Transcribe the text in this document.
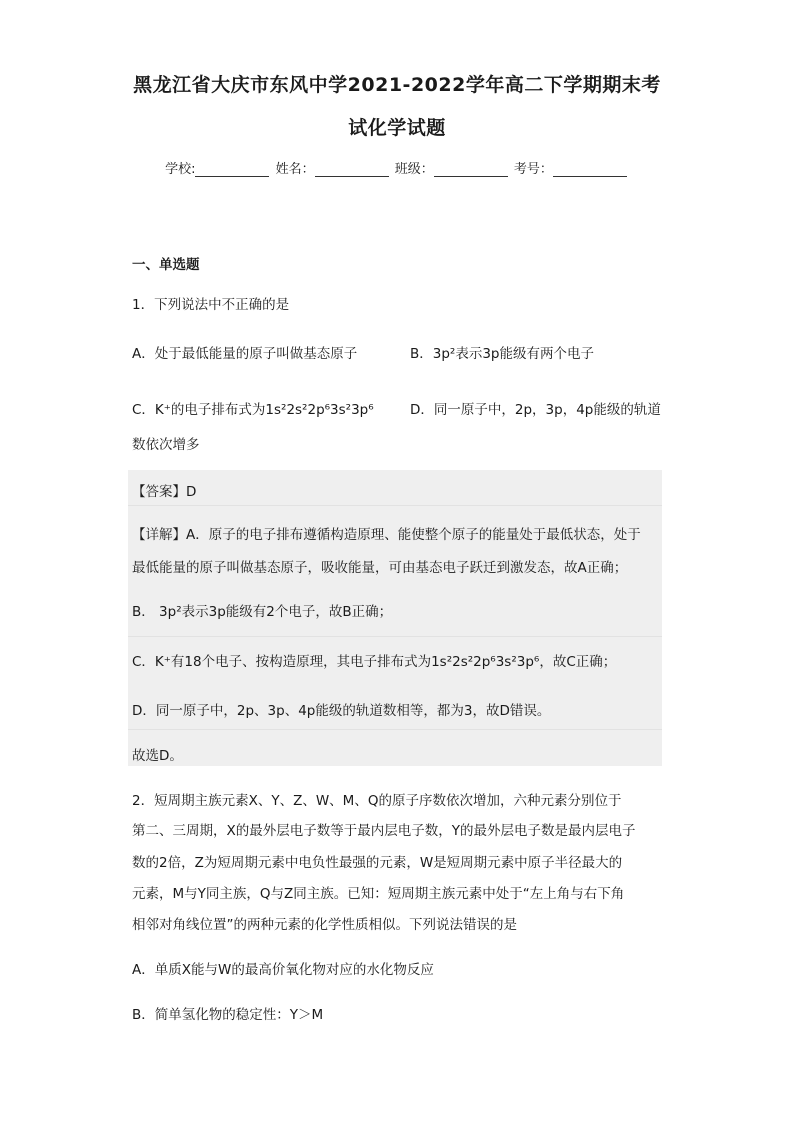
黑龙江省大庆市东风中学2021-2022学年高二下学期期末考
试化学试题
学校:	姓名：	班级：	考号：
一、单选题
1．下列说法中不正确的是
A．处于最低能量的原子叫做基态原子	B．3p²表示3p能级有两个电子
C．K⁺的电子排布式为1s²2s²2p⁶3s²3p⁶	D．同一原子中，2p，3p，4p能级的轨道
数依次增多
【答案】D
【详解】A．原子的电子排布遵循构造原理、能使整个原子的能量处于最低状态，处于
最低能量的原子叫做基态原子，吸收能量，可由基态电子跃迁到激发态，故A正确；
B． 3p²表示3p能级有2个电子，故B正确；
C．K⁺有18个电子、按构造原理，其电子排布式为1s²2s²2p⁶3s²3p⁶，故C正确；
D．同一原子中，2p、3p、4p能级的轨道数相等，都为3，故D错误。
故选D。
2．短周期主族元素X、Y、Z、W、M、Q的原子序数依次增加，六种元素分别位于
第二、三周期，X的最外层电子数等于最内层电子数，Y的最外层电子数是最内层电子
数的2倍，Z为短周期元素中电负性最强的元素，W是短周期元素中原子半径最大的
元素，M与Y同主族，Q与Z同主族。已知：短周期主族元素中处于“左上角与右下角
相邻对角线位置”的两种元素的化学性质相似。下列说法错误的是
A．单质X能与W的最高价氧化物对应的水化物反应
B．简单氢化物的稳定性：Y＞M
